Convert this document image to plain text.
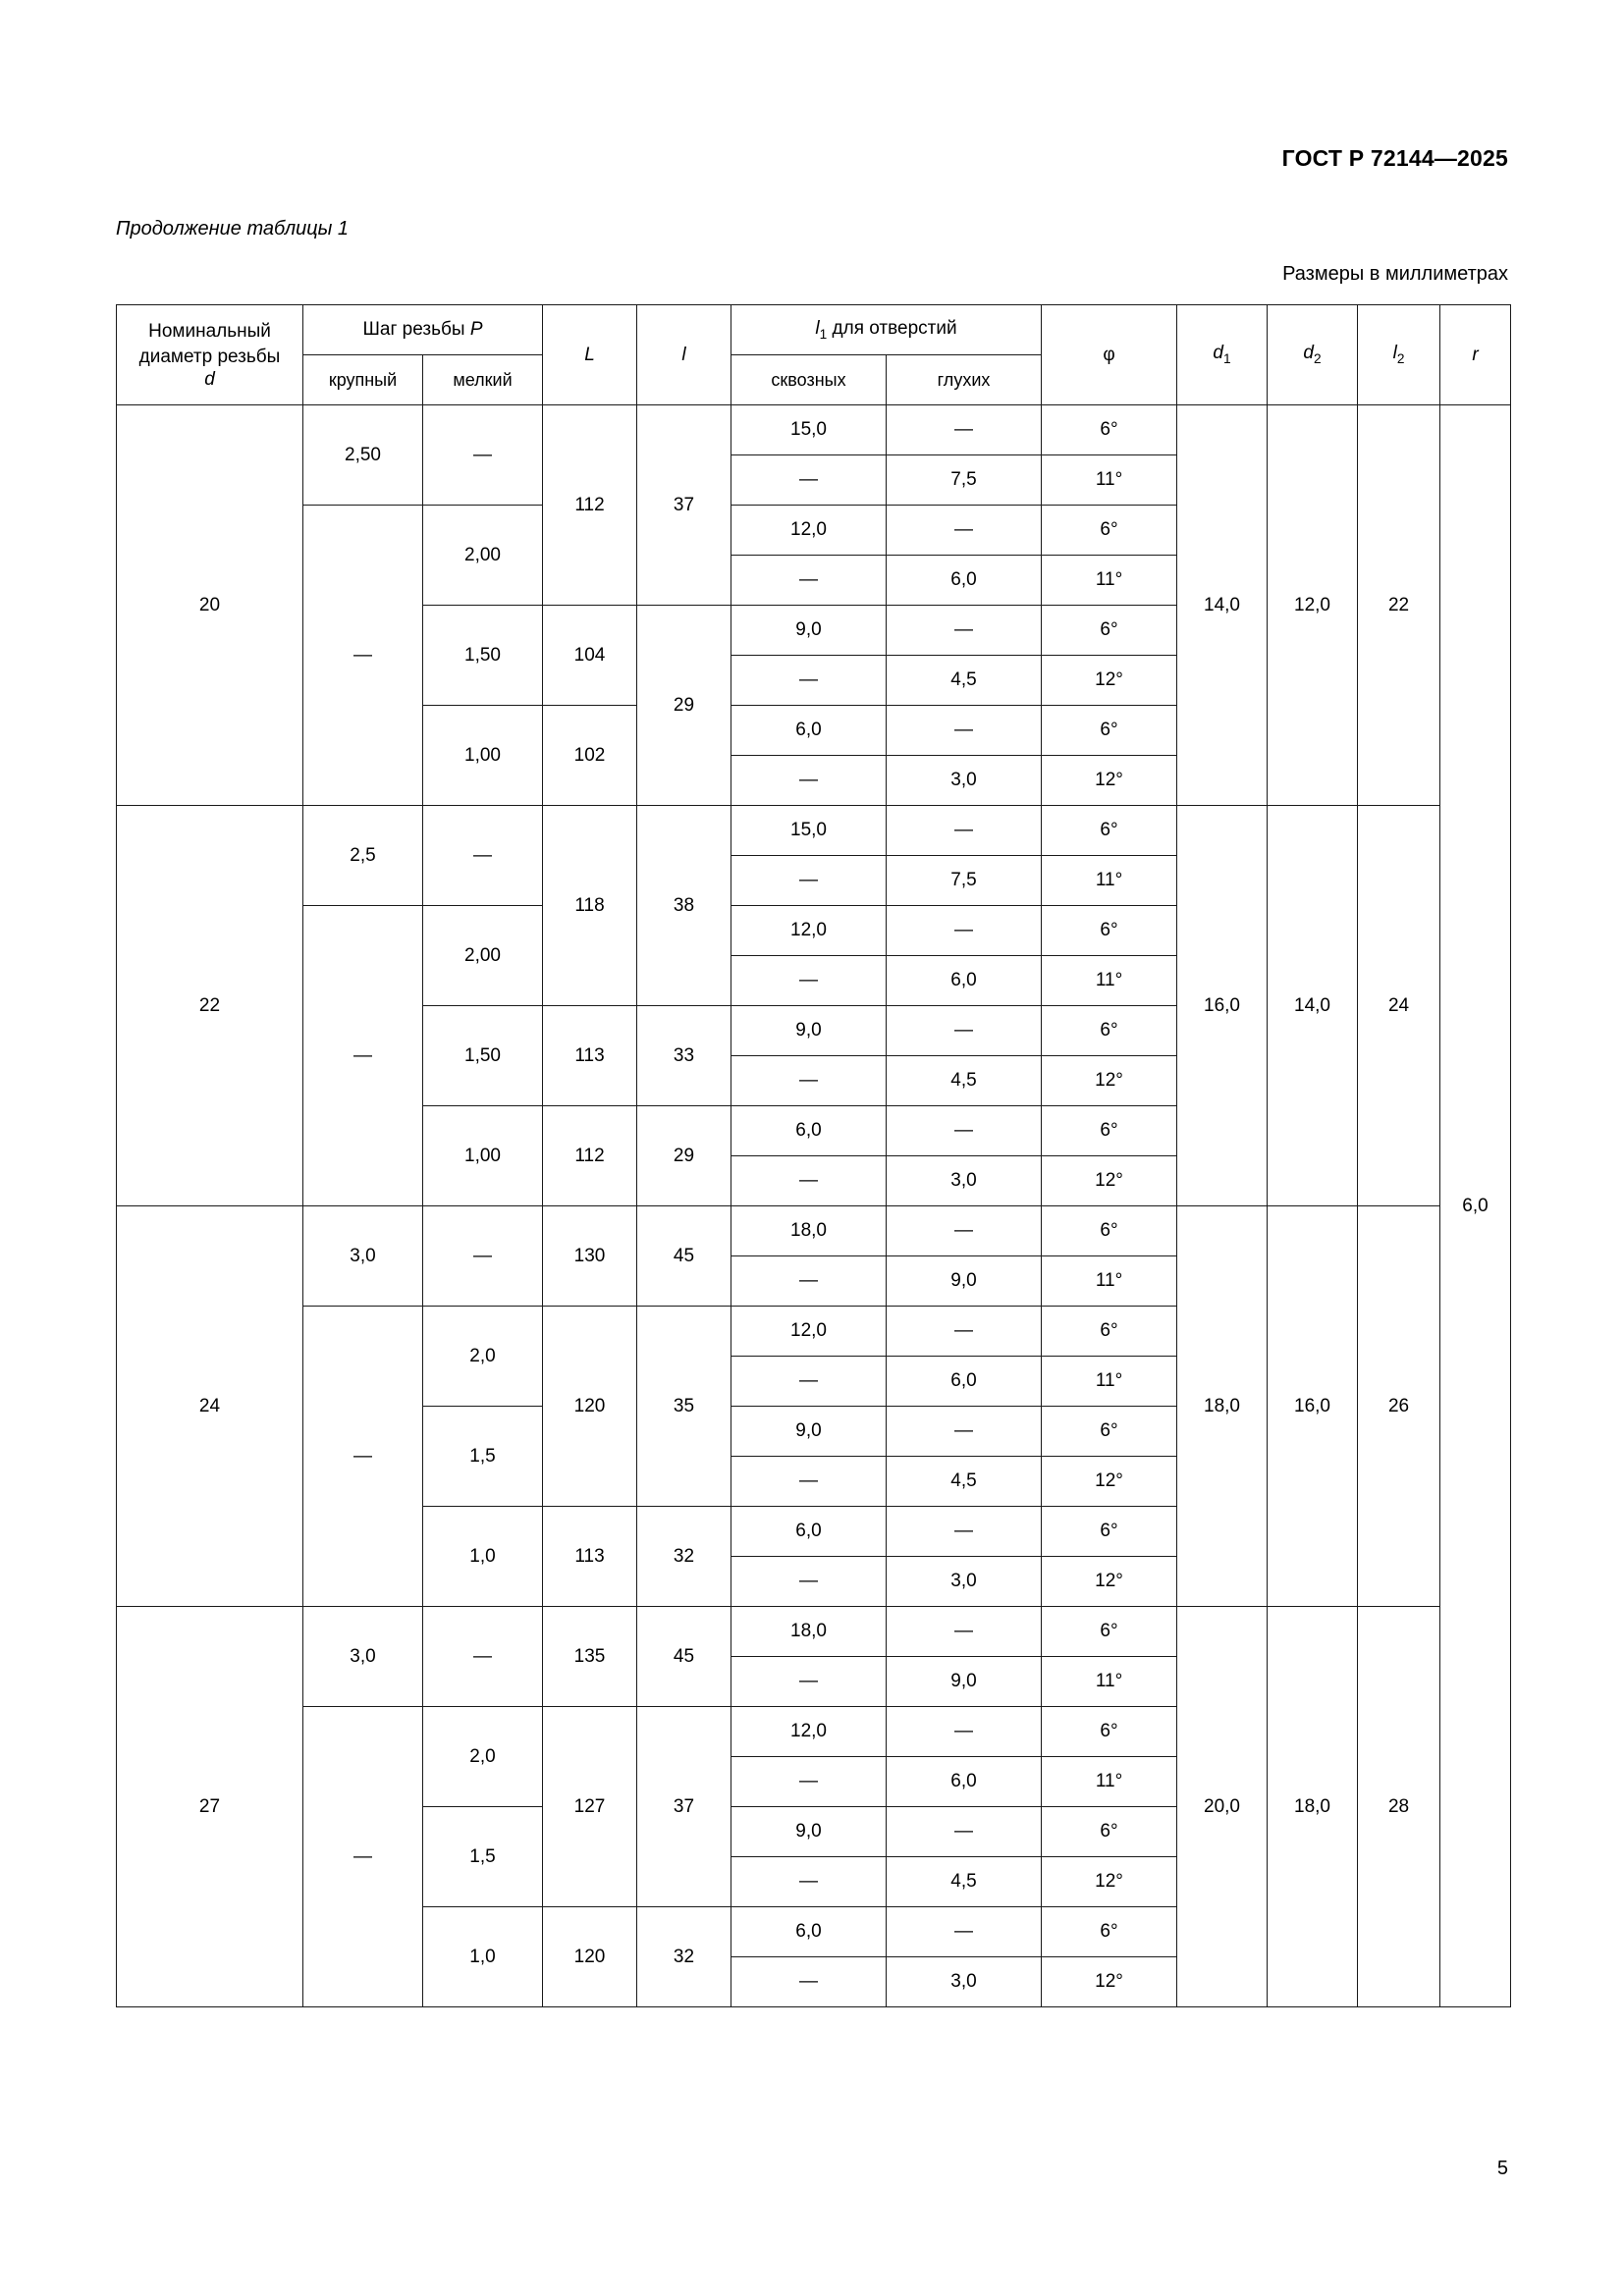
ГОСТ Р 72144—2025
Продолжение таблицы 1
Размеры в миллиметрах
Номинальный диаметр резьбы
d	Шаг резьбы P		L	l	$l_1$ для отверстий		φ	$d_1$	$d_2$	$l_2$	r
	крупный	мелкий			сквозных	глухих					
20	2,50	—	112	37	15,0	—	6°	14,0	12,0	22	6,0
					—	7,5	11°				
	—	2,00			12,0	—	6°				
					—	6,0	11°				
		1,50	104	29	9,0	—	6°				
					—	4,5	12°				
		1,00	102		6,0	—	6°				
					—	3,0	12°				
22	2,5	—	118	38	15,0	—	6°	16,0	14,0	24	
					—	7,5	11°				
	—	2,00			12,0	—	6°				
					—	6,0	11°				
		1,50	113	33	9,0	—	6°				
					—	4,5	12°				
		1,00	112	29	6,0	—	6°				
					—	3,0	12°				
24	3,0	—	130	45	18,0	—	6°	18,0	16,0	26	
					—	9,0	11°				
	—	2,0	120	35	12,0	—	6°				
					—	6,0	11°				
		1,5			9,0	—	6°				
					—	4,5	12°				
		1,0	113	32	6,0	—	6°				
					—	3,0	12°				
27	3,0	—	135	45	18,0	—	6°	20,0	18,0	28	
					—	9,0	11°				
	—	2,0	127	37	12,0	—	6°				
					—	6,0	11°				
		1,5			9,0	—	6°				
					—	4,5	12°				
		1,0	120	32	6,0	—	6°				
					—	3,0	12°				
5
